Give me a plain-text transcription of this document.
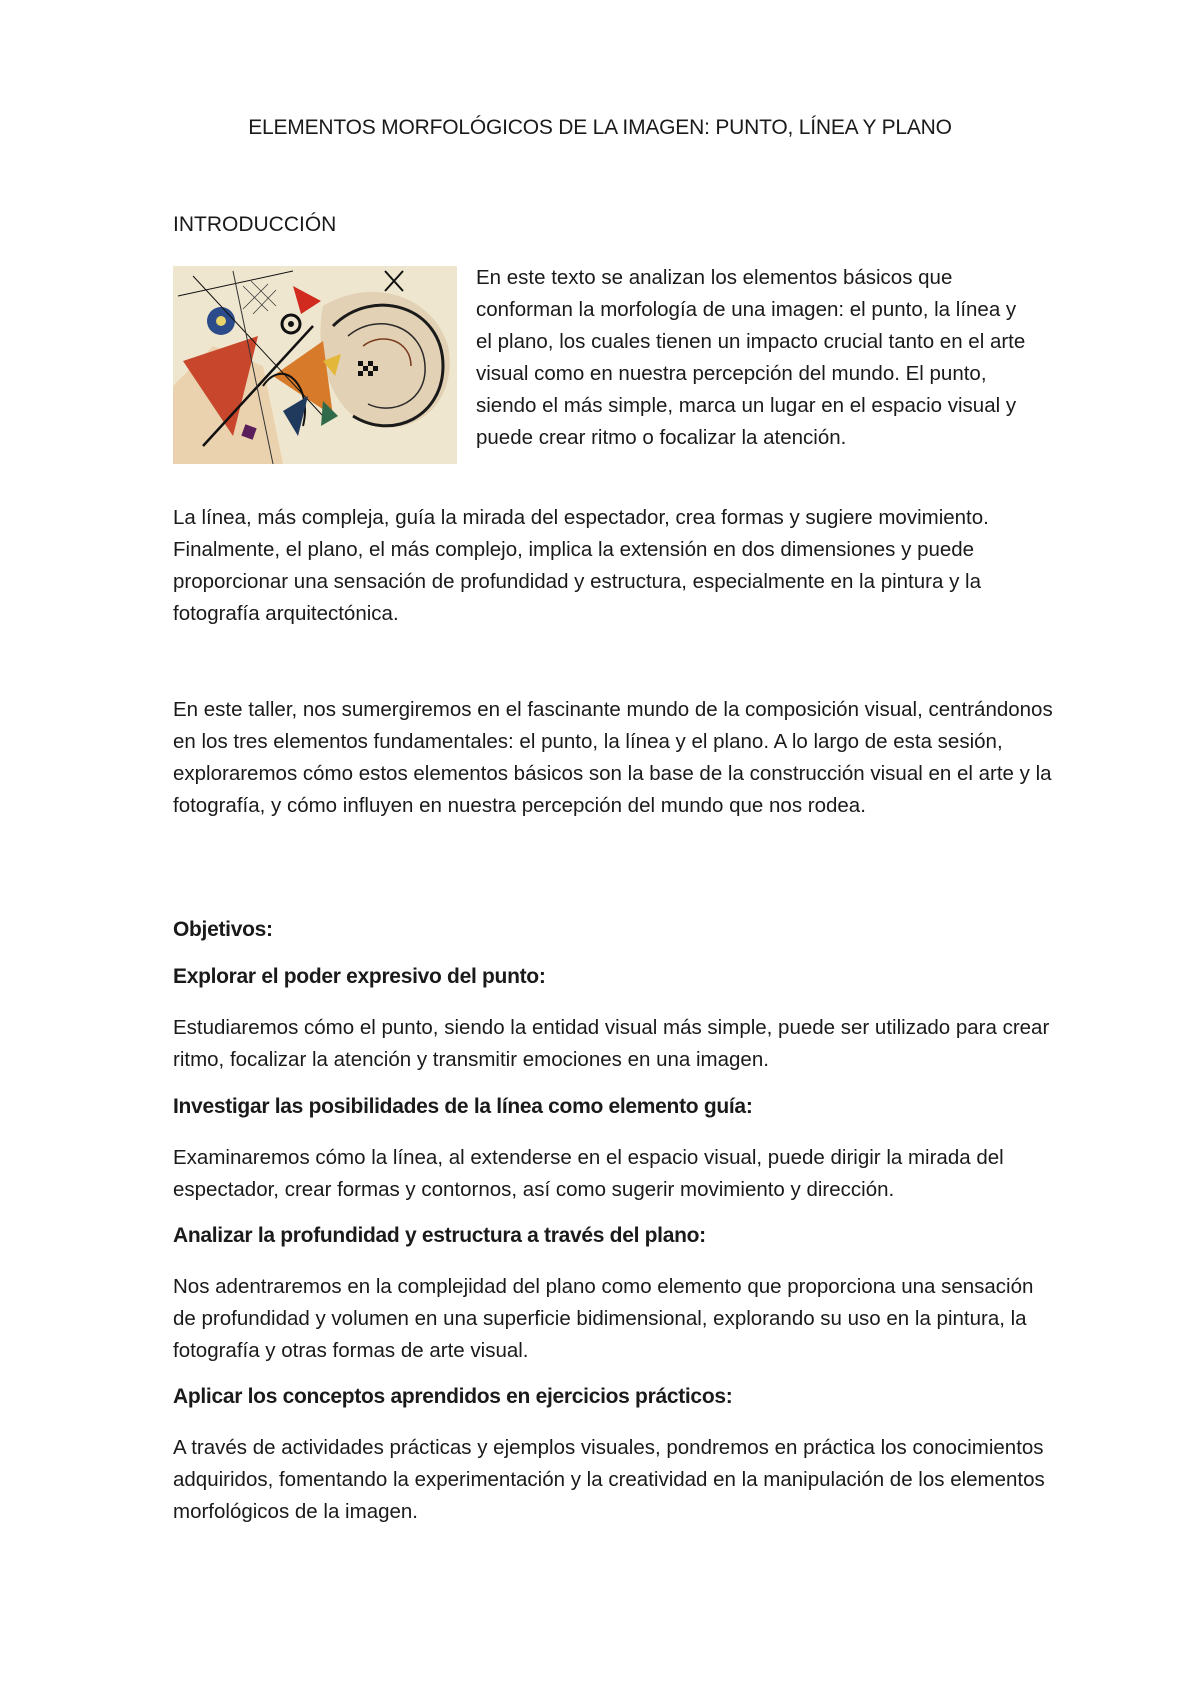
ELEMENTOS MORFOLÓGICOS DE LA IMAGEN: PUNTO, LÍNEA Y PLANO
INTRODUCCIÓN

En este texto se analizan los elementos básicos que conforman la morfología de una imagen: el punto, la línea y el plano, los cuales tienen un impacto crucial tanto en el arte visual como en nuestra percepción del mundo. El punto, siendo el más simple, marca un lugar en el espacio visual y puede crear ritmo o focalizar la atención.

La línea, más compleja, guía la mirada del espectador, crea formas y sugiere movimiento. Finalmente, el plano, el más complejo, implica la extensión en dos dimensiones y puede proporcionar una sensación de profundidad y estructura, especialmente en la pintura y la fotografía arquitectónica.

En este taller, nos sumergiremos en el fascinante mundo de la composición visual, centrándonos en los tres elementos fundamentales: el punto, la línea y el plano. A lo largo de esta sesión, exploraremos cómo estos elementos básicos son la base de la construcción visual en el arte y la fotografía, y cómo influyen en nuestra percepción del mundo que nos rodea.

Objetivos:
Explorar el poder expresivo del punto:

Estudiaremos cómo el punto, siendo la entidad visual más simple, puede ser utilizado para crear ritmo, focalizar la atención y transmitir emociones en una imagen.

Investigar las posibilidades de la línea como elemento guía:

Examinaremos cómo la línea, al extenderse en el espacio visual, puede dirigir la mirada del espectador, crear formas y contornos, así como sugerir movimiento y dirección.

Analizar la profundidad y estructura a través del plano:

Nos adentraremos en la complejidad del plano como elemento que proporciona una sensación de profundidad y volumen en una superficie bidimensional, explorando su uso en la pintura, la fotografía y otras formas de arte visual.

Aplicar los conceptos aprendidos en ejercicios prácticos:

A través de actividades prácticas y ejemplos visuales, pondremos en práctica los conocimientos adquiridos, fomentando la experimentación y la creatividad en la manipulación de los elementos morfológicos de la imagen.
